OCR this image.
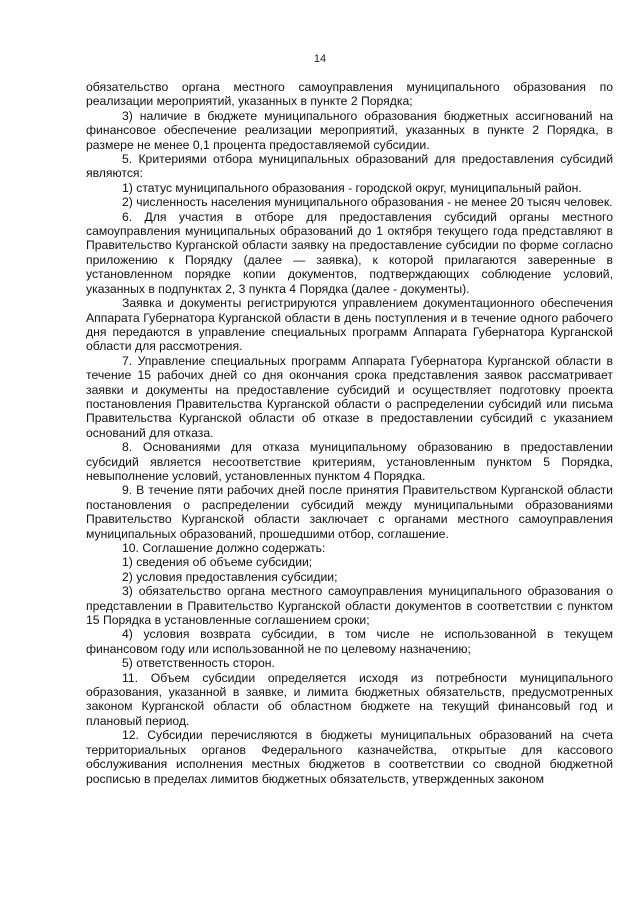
14

обязательство органа местного самоуправления муниципального образования по реализации мероприятий, указанных в пункте 2 Порядка;

3) наличие в бюджете муниципального образования бюджетных ассигнований на финансовое обеспечение реализации мероприятий, указанных в пункте 2 Порядка, в размере не менее 0,1 процента предоставляемой субсидии.

5. Критериями отбора муниципальных образований для предоставления субсидий являются:

1) статус муниципального образования - городской округ, муниципальный район.

2) численность населения муниципального образования - не менее 20 тысяч человек.

6. Для участия в отборе для предоставления субсидий органы местного самоуправления муниципальных образований до 1 октября текущего года представляют в Правительство Курганской области заявку на предоставление субсидии по форме согласно приложению к Порядку (далее — заявка), к которой прилагаются заверенные в установленном порядке копии документов, подтверждающих соблюдение условий, указанных в подпунктах 2, 3 пункта 4 Порядка (далее - документы).

Заявка и документы регистрируются управлением документационного обеспечения Аппарата Губернатора Курганской области в день поступления и в течение одного рабочего дня передаются в управление специальных программ Аппарата Губернатора Курганской области для рассмотрения.

7. Управление специальных программ Аппарата Губернатора Курганской области в течение 15 рабочих дней со дня окончания срока представления заявок рассматривает заявки и документы на предоставление субсидий и осуществляет подготовку проекта постановления Правительства Курганской области о распределении субсидий или письма Правительства Курганской области об отказе в предоставлении субсидий с указанием оснований для отказа.

8. Основаниями для отказа муниципальному образованию в предоставлении субсидий является несоответствие критериям, установленным пунктом 5 Порядка, невыполнение условий, установленных пунктом 4 Порядка.

9. В течение пяти рабочих дней после принятия Правительством Курганской области постановления о распределении субсидий между муниципальными образованиями Правительство Курганской области заключает с органами местного самоуправления муниципальных образований, прошедшими отбор, соглашение.

10. Соглашение должно содержать:

1) сведения об объеме субсидии;

2) условия предоставления субсидии;

3) обязательство органа местного самоуправления муниципального образования о представлении в Правительство Курганской области документов в соответствии с пунктом 15 Порядка в установленные соглашением сроки;

4) условия возврата субсидии, в том числе не использованной в текущем финансовом году или использованной не по целевому назначению;

5) ответственность сторон.

11. Объем субсидии определяется исходя из потребности муниципального образования, указанной в заявке, и лимита бюджетных обязательств, предусмотренных законом Курганской области об областном бюджете на текущий финансовый год и плановый период.

12. Субсидии перечисляются в бюджеты муниципальных образований на счета территориальных органов Федерального казначейства, открытые для кассового обслуживания исполнения местных бюджетов в соответствии со сводной бюджетной росписью в пределах лимитов бюджетных обязательств, утвержденных законом
